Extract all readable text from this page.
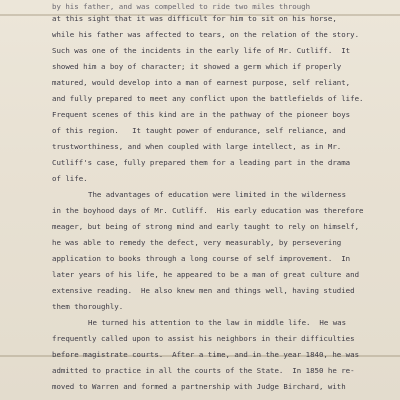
by his father, and was compelled to ride two miles through

at this sight that it was difficult for him to sit on his horse,

while his father was affected to tears, on the relation of the story.

Such was one of the incidents in the early life of Mr. Cutliff.  It

showed him a boy of character; it showed a germ which if properly

matured, would develop into a man of earnest purpose, self reliant,

and fully prepared to meet any conflict upon the battlefields of life.

Frequent scenes of this kind are in the pathway of the pioneer boys

of this region.   It taught power of endurance, self reliance, and

trustworthiness, and when coupled with large intellect, as in Mr.

Cutliff's case, fully prepared them for a leading part in the drama

of life.

The advantages of education were limited in the wilderness

in the boyhood days of Mr. Cutliff.  His early education was therefore

meager, but being of strong mind and early taught to rely on himself,

he was able to remedy the defect, very measurably, by persevering

application to books through a long course of self improvement.  In

later years of his life, he appeared to be a man of great culture and

extensive reading.  He also knew men and things well, having studied

them thoroughly.

He turned his attention to the law in middle life.  He was

frequently called upon to assist his neighbors in their difficulties

before magistrate courts.  After a time, and in the year 1840, he was

admitted to practice in all the courts of the State.  In 1850 he re-

moved to Warren and formed a partnership with Judge Birchard, with
